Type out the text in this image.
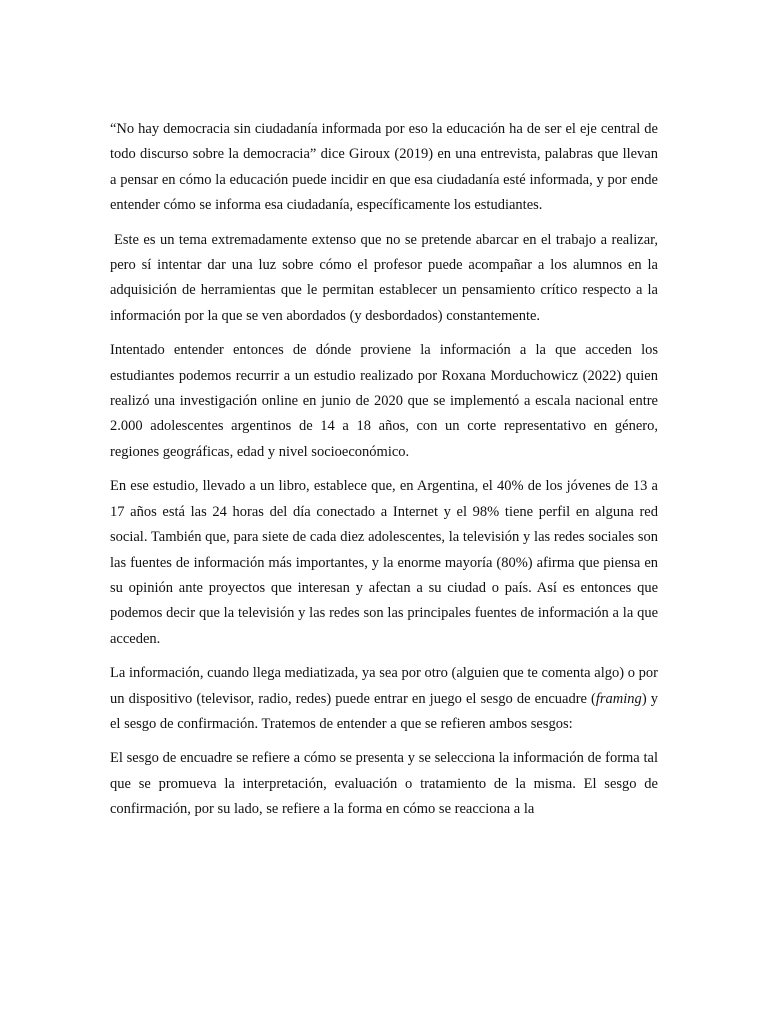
“No hay democracia sin ciudadanía informada por eso la educación ha de ser el eje central de todo discurso sobre la democracia” dice Giroux (2019) en una entrevista, palabras que llevan a pensar en cómo la educación puede incidir en que esa ciudadanía esté informada, y por ende entender cómo se informa esa ciudadanía, específicamente los estudiantes.

Este es un tema extremadamente extenso que no se pretende abarcar en el trabajo a realizar, pero sí intentar dar una luz sobre cómo el profesor puede acompañar a los alumnos en la adquisición de herramientas que le permitan establecer un pensamiento crítico respecto a la información por la que se ven abordados (y desbordados) constantemente.

Intentado entender entonces de dónde proviene la información a la que acceden los estudiantes podemos recurrir a un estudio realizado por Roxana Morduchowicz (2022) quien realizó una investigación online en junio de 2020 que se implementó a escala nacional entre 2.000 adolescentes argentinos de 14 a 18 años, con un corte representativo en género, regiones geográficas, edad y nivel socioeconómico.

En ese estudio, llevado a un libro, establece que, en Argentina, el 40% de los jóvenes de 13 a 17 años está las 24 horas del día conectado a Internet y el 98% tiene perfil en alguna red social. También que, para siete de cada diez adolescentes, la televisión y las redes sociales son las fuentes de información más importantes, y la enorme mayoría (80%) afirma que piensa en su opinión ante proyectos que interesan y afectan a su ciudad o país. Así es entonces que podemos decir que la televisión y las redes son las principales fuentes de información a la que acceden.

La información, cuando llega mediatizada, ya sea por otro (alguien que te comenta algo) o por un dispositivo (televisor, radio, redes) puede entrar en juego el sesgo de encuadre (framing) y el sesgo de confirmación. Tratemos de entender a que se refieren ambos sesgos:

El sesgo de encuadre se refiere a cómo se presenta y se selecciona la información de forma tal que se promueva la interpretación, evaluación o tratamiento de la misma. El sesgo de confirmación, por su lado, se refiere a la forma en cómo se reacciona a la
